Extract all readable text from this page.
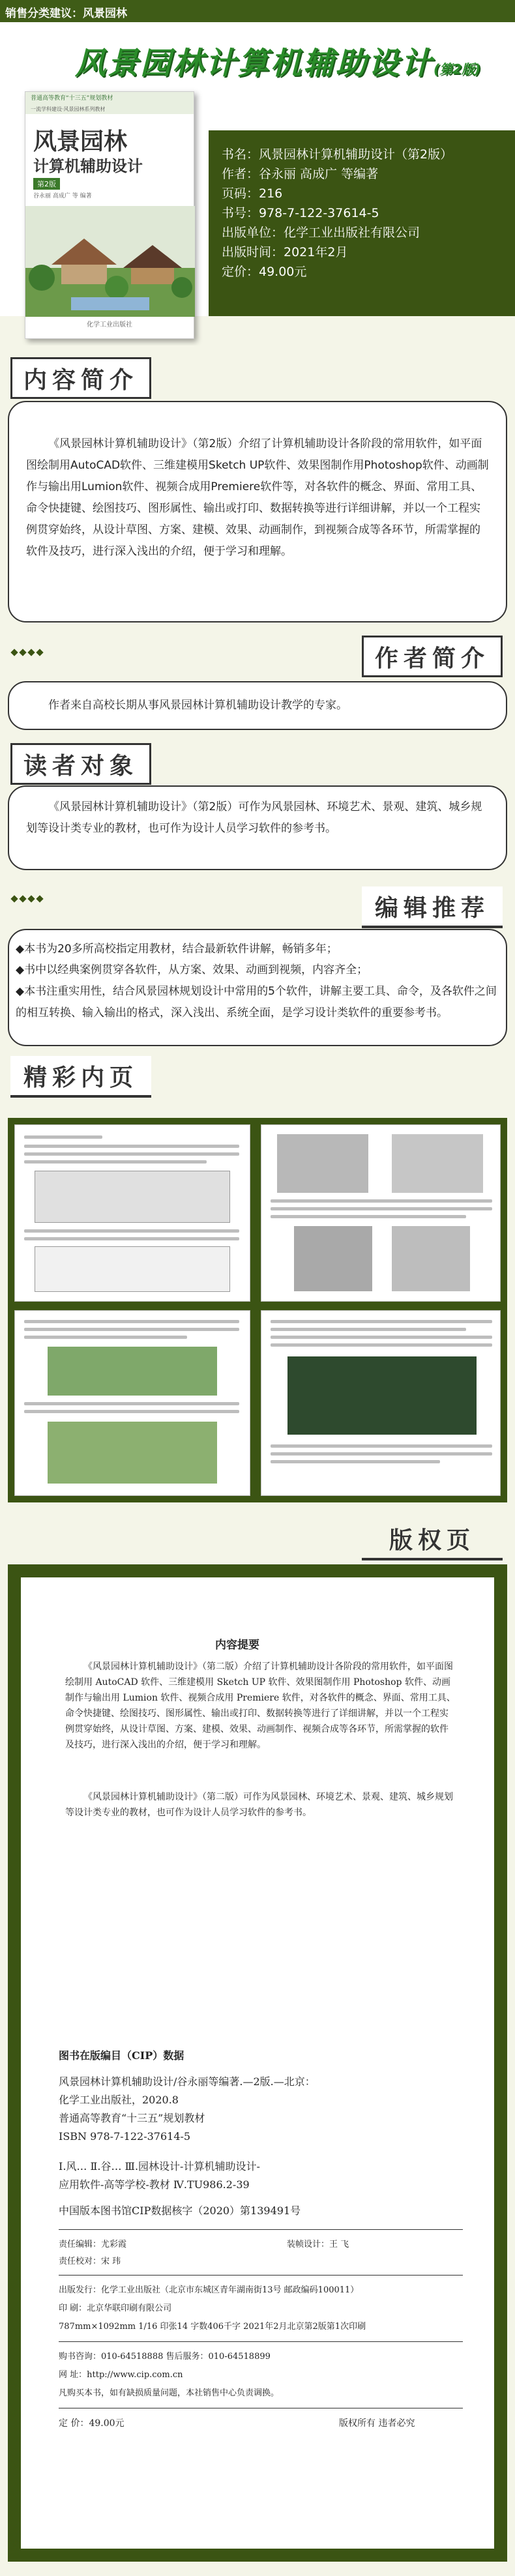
销售分类建议：风景园林
风景园林计算机辅助设计(第2版)
书名：风景园林计算机辅助设计（第2版）
作者：谷永丽 高成广 等编著
页码：216
书号：978-7-122-37614-5
出版单位：化学工业出版社有限公司
出版时间：2021年2月
定价：49.00元
普通高等教育“十三五”规划教材
一流学科建设·风景园林系列教材
风景园林
计算机辅助设计
第2版
谷永丽 高成广 等 编著
化学工业出版社
内容简介
《风景园林计算机辅助设计》（第2版）介绍了计算机辅助设计各阶段的常用软件，如平面图绘制用AutoCAD软件、三维建模用Sketch UP软件、效果图制作用Photoshop软件、动画制作与输出用Lumion软件、视频合成用Premiere软件等，对各软件的概念、界面、常用工具、命令快捷键、绘图技巧、图形属性、输出或打印、数据转换等进行详细讲解，并以一个工程实例贯穿始终，从设计草图、方案、建模、效果、动画制作，到视频合成等各环节，所需掌握的软件及技巧，进行深入浅出的介绍，便于学习和理解。
作者简介
作者来自高校长期从事风景园林计算机辅助设计教学的专家。
读者对象
《风景园林计算机辅助设计》（第2版）可作为风景园林、环境艺术、景观、建筑、城乡规划等设计类专业的教材，也可作为设计人员学习软件的参考书。
编辑推荐
◆本书为20多所高校指定用教材，结合最新软件讲解，畅销多年；
◆书中以经典案例贯穿各软件，从方案、效果、动画到视频，内容齐全；
◆本书注重实用性，结合风景园林规划设计中常用的5个软件，讲解主要工具、命令，及各软件之间的相互转换、输入输出的格式，深入浅出、系统全面，是学习设计类软件的重要参考书。
精彩内页
版权页
内容提要
《风景园林计算机辅助设计》（第二版）介绍了计算机辅助设计各阶段的常用软件，如平面图绘制用 AutoCAD 软件、三维建模用 Sketch UP 软件、效果图制作用 Photoshop 软件、动画制作与输出用 Lumion 软件、视频合成用 Premiere 软件，对各软件的概念、界面、常用工具、命令快捷键、绘图技巧、图形属性、输出或打印、数据转换等进行了详细讲解，并以一个工程实例贯穿始终，从设计草图、方案、建模、效果、动画制作、视频合成等各环节，所需掌握的软件及技巧，进行深入浅出的介绍，便于学习和理解。
《风景园林计算机辅助设计》（第二版）可作为风景园林、环境艺术、景观、建筑、城乡规划等设计类专业的教材，也可作为设计人员学习软件的参考书。
图书在版编目（CIP）数据
风景园林计算机辅助设计/谷永丽等编著.—2版.—北京：
化学工业出版社，2020.8
普通高等教育“十三五”规划教材
ISBN 978-7-122-37614-5
Ⅰ.风… Ⅱ.谷… Ⅲ.园林设计-计算机辅助设计-
应用软件-高等学校-教材 Ⅳ.TU986.2-39
中国版本图书馆CIP数据核字（2020）第139491号
责任编辑：尤彩霞	装帧设计：王 飞
责任校对：宋 玮
出版发行：化学工业出版社（北京市东城区青年湖南街13号 邮政编码100011）
印 刷：北京华联印刷有限公司
787mm×1092mm 1/16 印张14 字数406千字 2021年2月北京第2版第1次印刷
购书咨询：010-64518888 售后服务：010-64518899
网 址：http://www.cip.com.cn
凡购买本书，如有缺损质量问题，本社销售中心负责调换。
定 价：49.00元	版权所有 违者必究
